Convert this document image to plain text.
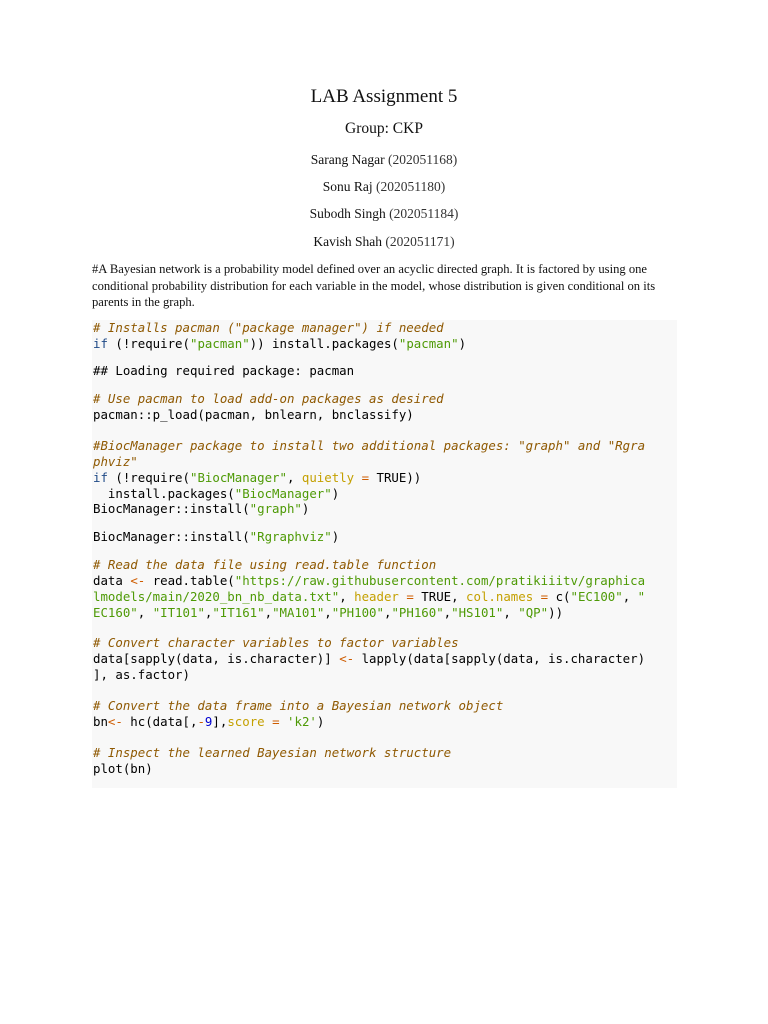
LAB Assignment 5
Group: CKP
Sarang Nagar (202051168)
Sonu Raj (202051180)
Subodh Singh (202051184)
Kavish Shah (202051171)
#A Bayesian network is a probability model defined over an acyclic directed graph. It is factored by using one conditional probability distribution for each variable in the model, whose distribution is given conditional on its parents in the graph.
# Installs pacman ("package manager") if needed
if (!require("pacman")) install.packages("pacman")
## Loading required package: pacman
# Use pacman to load add-on packages as desired
pacman::p_load(pacman, bnlearn, bnclassify)
#BiocManager package to install two additional packages: "graph" and "Rgra
phviz"
if (!require("BiocManager", quietly = TRUE))
install.packages("BiocManager")
BiocManager::install("graph")
BiocManager::install("Rgraphviz")
# Read the data file using read.table function
data <- read.table("https://raw.githubusercontent.com/pratikiiitv/graphica
lmodels/main/2020_bn_nb_data.txt", header = TRUE, col.names = c("EC100", "
EC160", "IT101","IT161","MA101","PH100","PH160","HS101", "QP"))
# Convert character variables to factor variables
data[sapply(data, is.character)] <- lapply(data[sapply(data, is.character)
], as.factor)
# Convert the data frame into a Bayesian network object
bn<- hc(data[,-9],score = 'k2')
# Inspect the learned Bayesian network structure
plot(bn)
